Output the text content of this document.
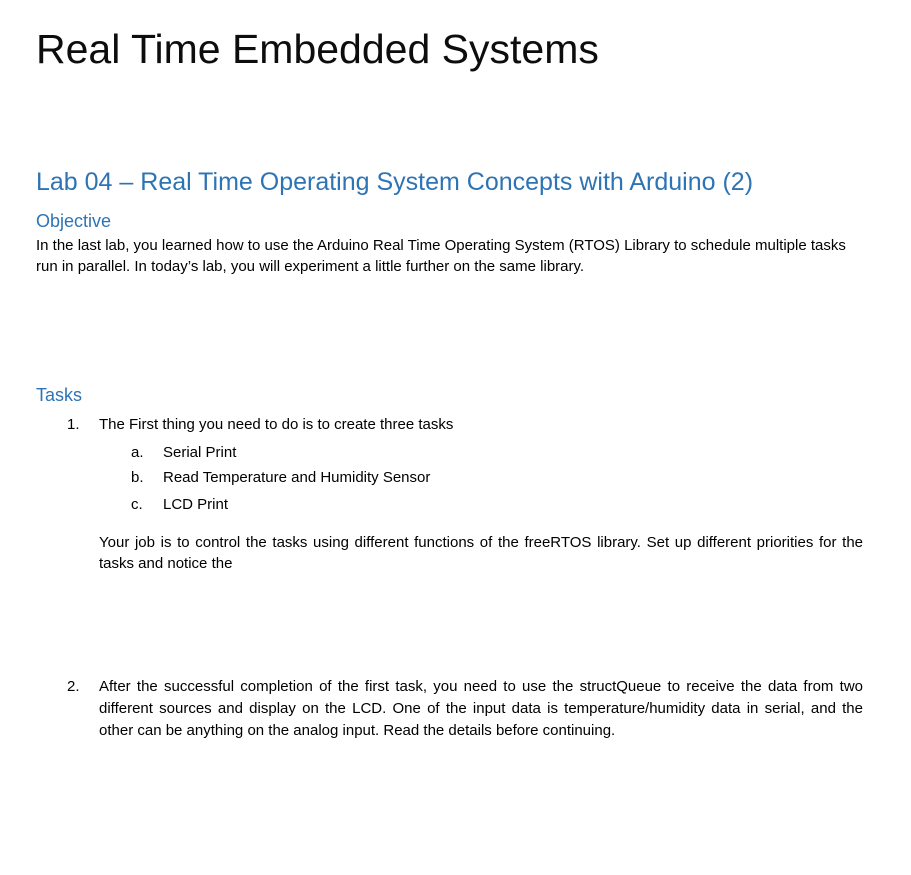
Real Time Embedded Systems
Lab 04 – Real Time Operating System Concepts with Arduino (2)
Objective

In the last lab, you learned how to use the Arduino Real Time Operating System (RTOS) Library to schedule multiple tasks run in parallel. In today’s lab, you will experiment a little further on the same library.

Tasks
1.	The First thing you need to do is to create three tasks
a. Serial Print
b. Read Temperature and Humidity Sensor
c. LCD Print

Your job is to control the tasks using different functions of the freeRTOS library. Set up different priorities for the tasks and notice the

2.	After the successful completion of the first task, you need to use the structQueue to receive the data from two different sources and display on the LCD. One of the input data is temperature/humidity data in serial, and the other can be anything on the analog input. Read the details before continuing.
